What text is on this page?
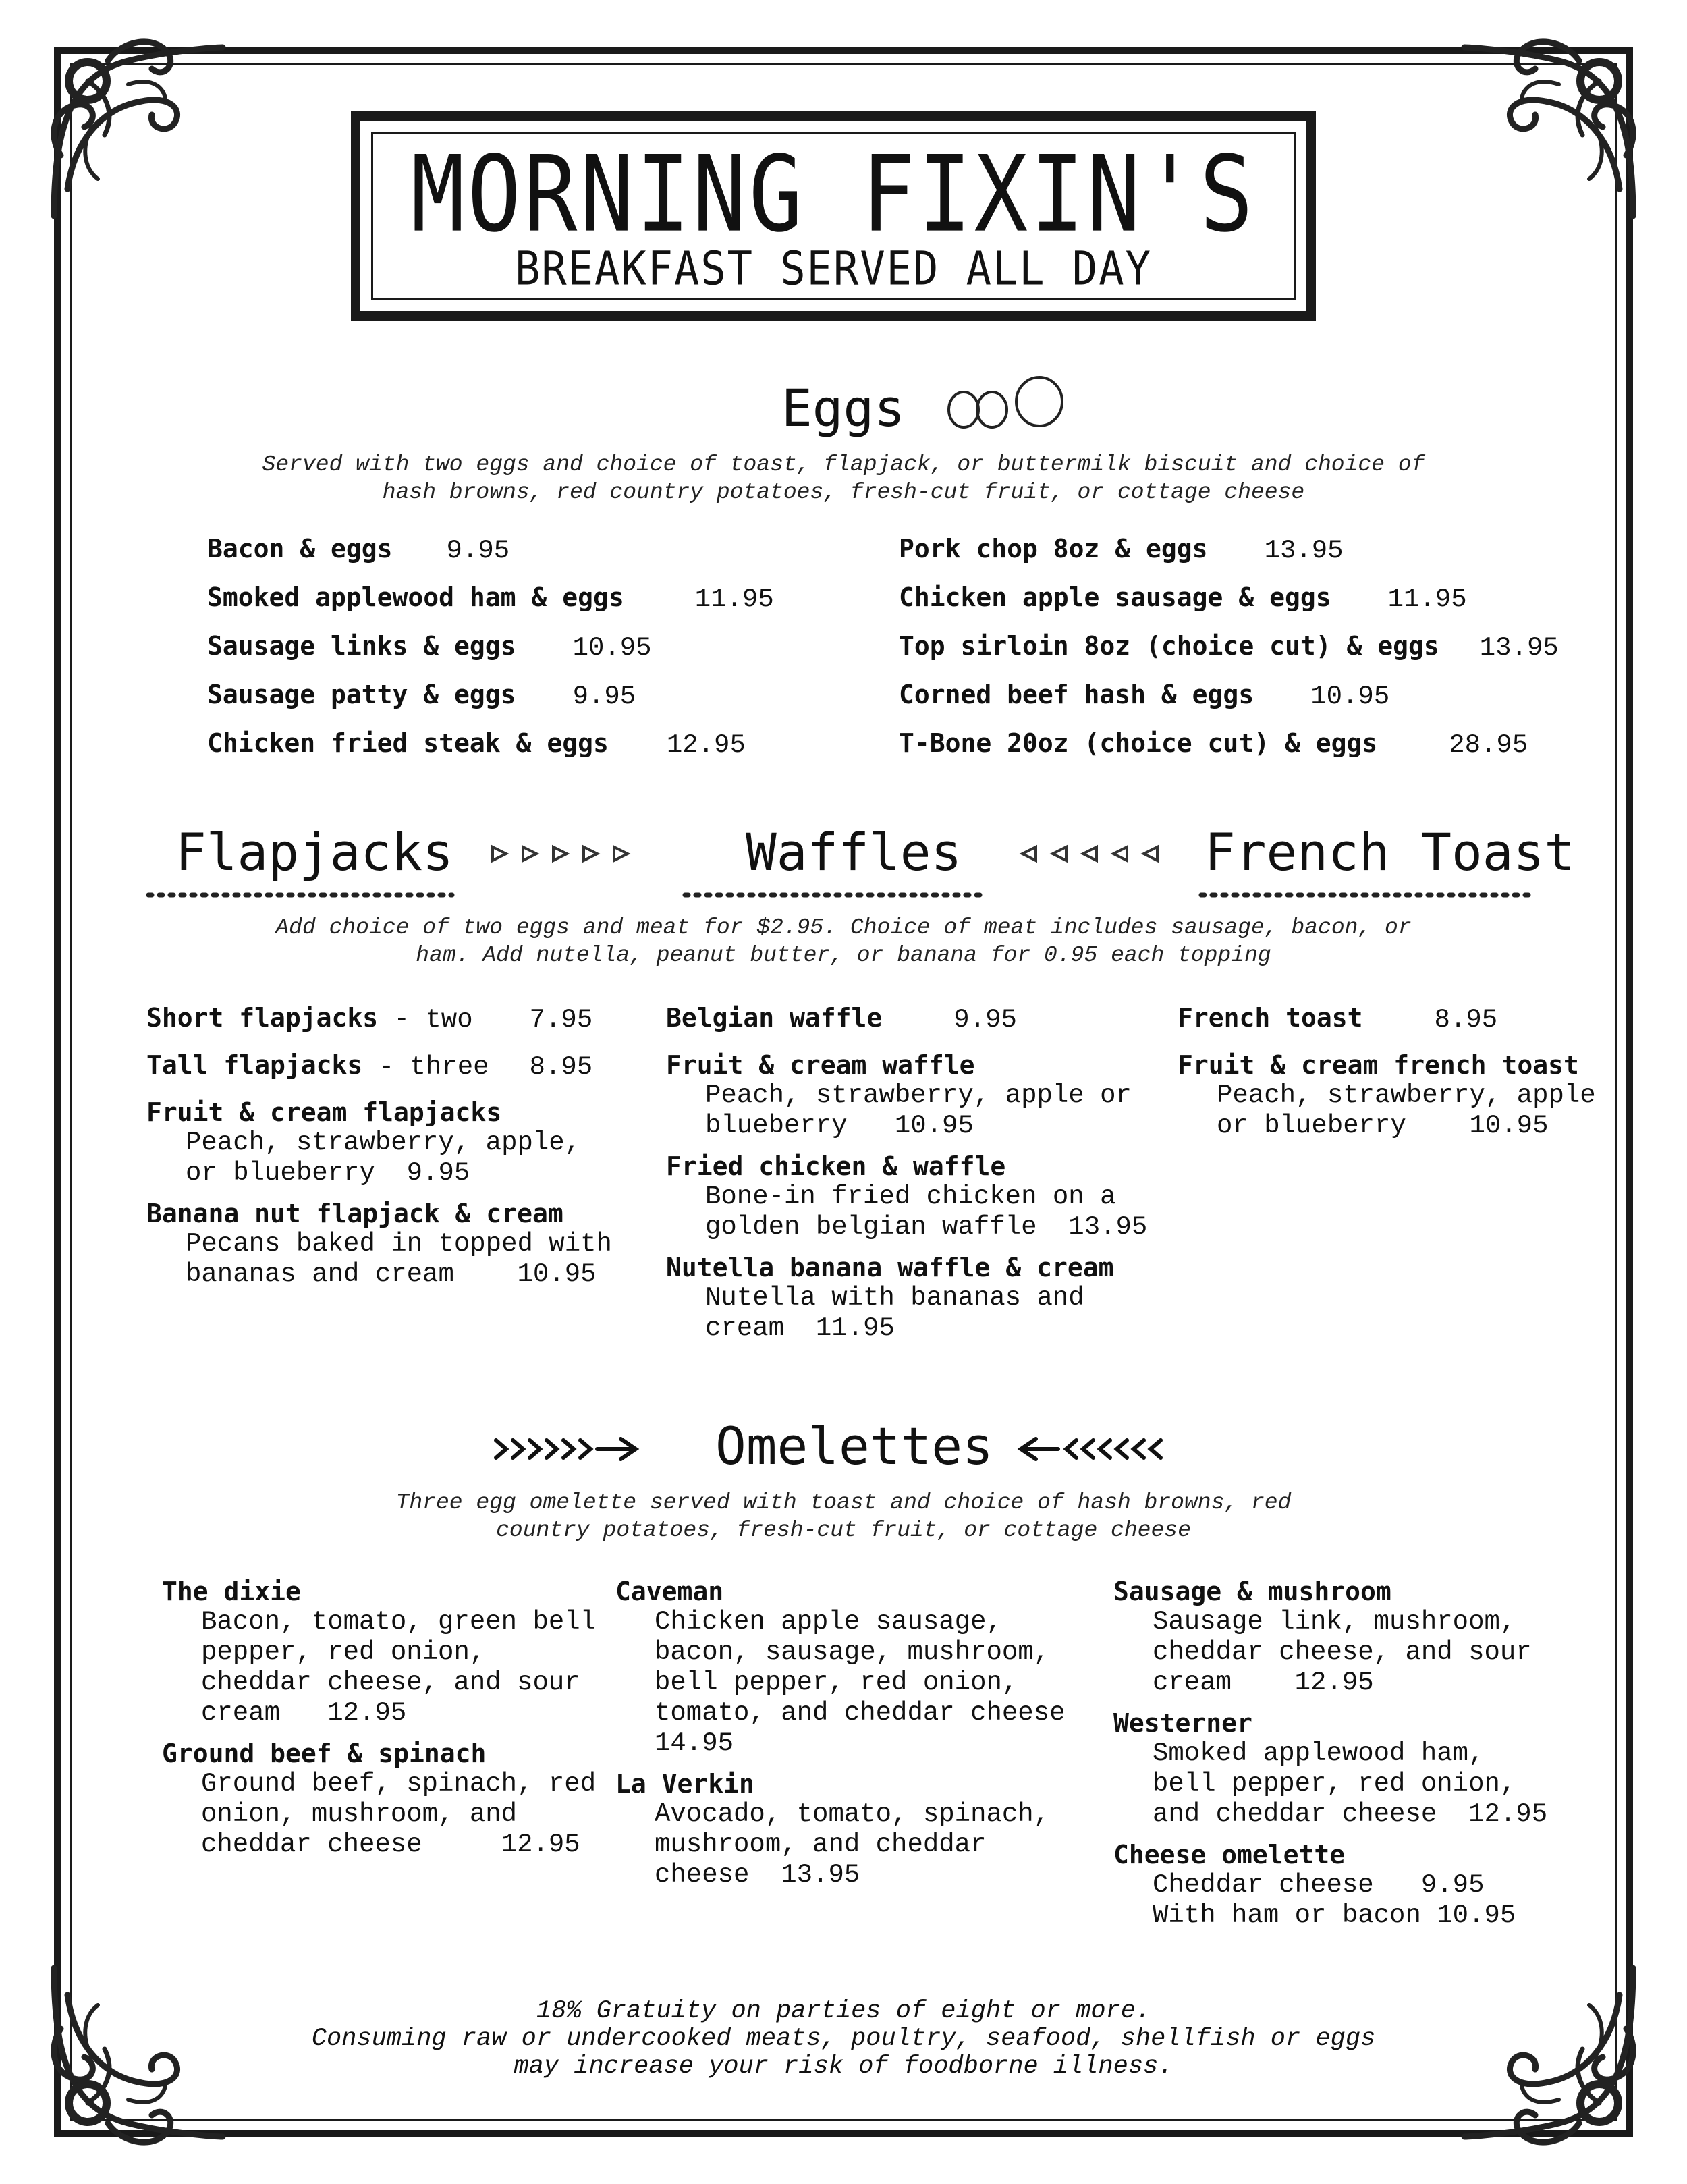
MORNING FIXIN'S
BREAKFAST SERVED ALL DAY
Eggs
Served with two eggs and choice of toast, flapjack, or buttermilk biscuit and choice of
hash browns, red country potatoes, fresh-cut fruit, or cottage cheese
Bacon & eggs 9.95
Smoked applewood ham & eggs	11.95
Sausage links & eggs 10.95
Sausage patty & eggs 9.95
Chicken fried steak & eggs 12.95
Pork chop 8oz & eggs 13.95
Chicken apple sausage & eggs 11.95
Top sirloin 8oz (choice cut) & eggs 13.95
Corned beef hash & eggs 10.95
T-Bone 20oz (choice cut) & eggs	28.95
Flapjacks	Waffles	French Toast
Add choice of two eggs and meat for $2.95. Choice of meat includes sausage, bacon, or
ham. Add nutella, peanut butter, or banana for 0.95 each topping
Short flapjacks - two 7.95
Tall flapjacks - three 8.95
Fruit & cream flapjacks
Peach, strawberry, apple,
or blueberry  9.95
Banana nut flapjack & cream
Pecans baked in topped with
bananas and cream    10.95
Belgian waffle	9.95
Fruit & cream waffle
Peach, strawberry, apple or
blueberry   10.95
Fried chicken & waffle
Bone-in fried chicken on a
golden belgian waffle  13.95
Nutella banana waffle & cream
Nutella with bananas and
cream  11.95
French toast	8.95
Fruit & cream french toast
Peach, strawberry, apple
or blueberry    10.95
Omelettes
Three egg omelette served with toast and choice of hash browns, red
country potatoes, fresh-cut fruit, or cottage cheese
The dixie
Bacon, tomato, green bell
pepper, red onion,
cheddar cheese, and sour
cream   12.95
Ground beef & spinach
Ground beef, spinach, red
onion, mushroom, and
cheddar cheese     12.95
Caveman
Chicken apple sausage,
bacon, sausage, mushroom,
bell pepper, red onion,
tomato, and cheddar cheese
14.95
La Verkin
Avocado, tomato, spinach,
mushroom, and cheddar
cheese  13.95
Sausage & mushroom
Sausage link, mushroom,
cheddar cheese, and sour
cream    12.95
Westerner
Smoked applewood ham,
bell pepper, red onion,
and cheddar cheese  12.95
Cheese omelette
Cheddar cheese   9.95
With ham or bacon 10.95
18% Gratuity on parties of eight or more.
Consuming raw or undercooked meats, poultry, seafood, shellfish or eggs
may increase your risk of foodborne illness.
